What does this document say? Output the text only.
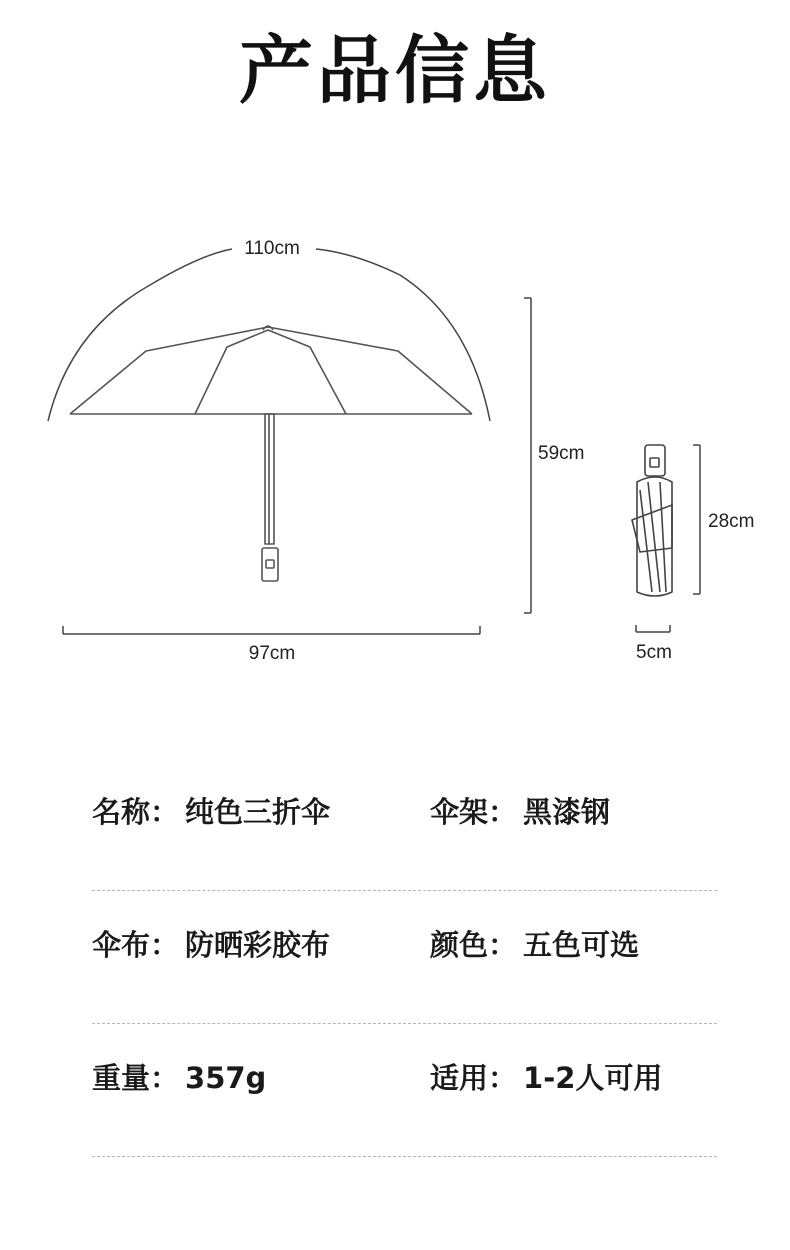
产品信息
110cm
97cm
59cm
28cm
5cm
名称： 纯色三折伞	伞架： 黑漆钢
伞布： 防晒彩胶布	颜色： 五色可选
重量： 357g	适用： 1-2人可用
